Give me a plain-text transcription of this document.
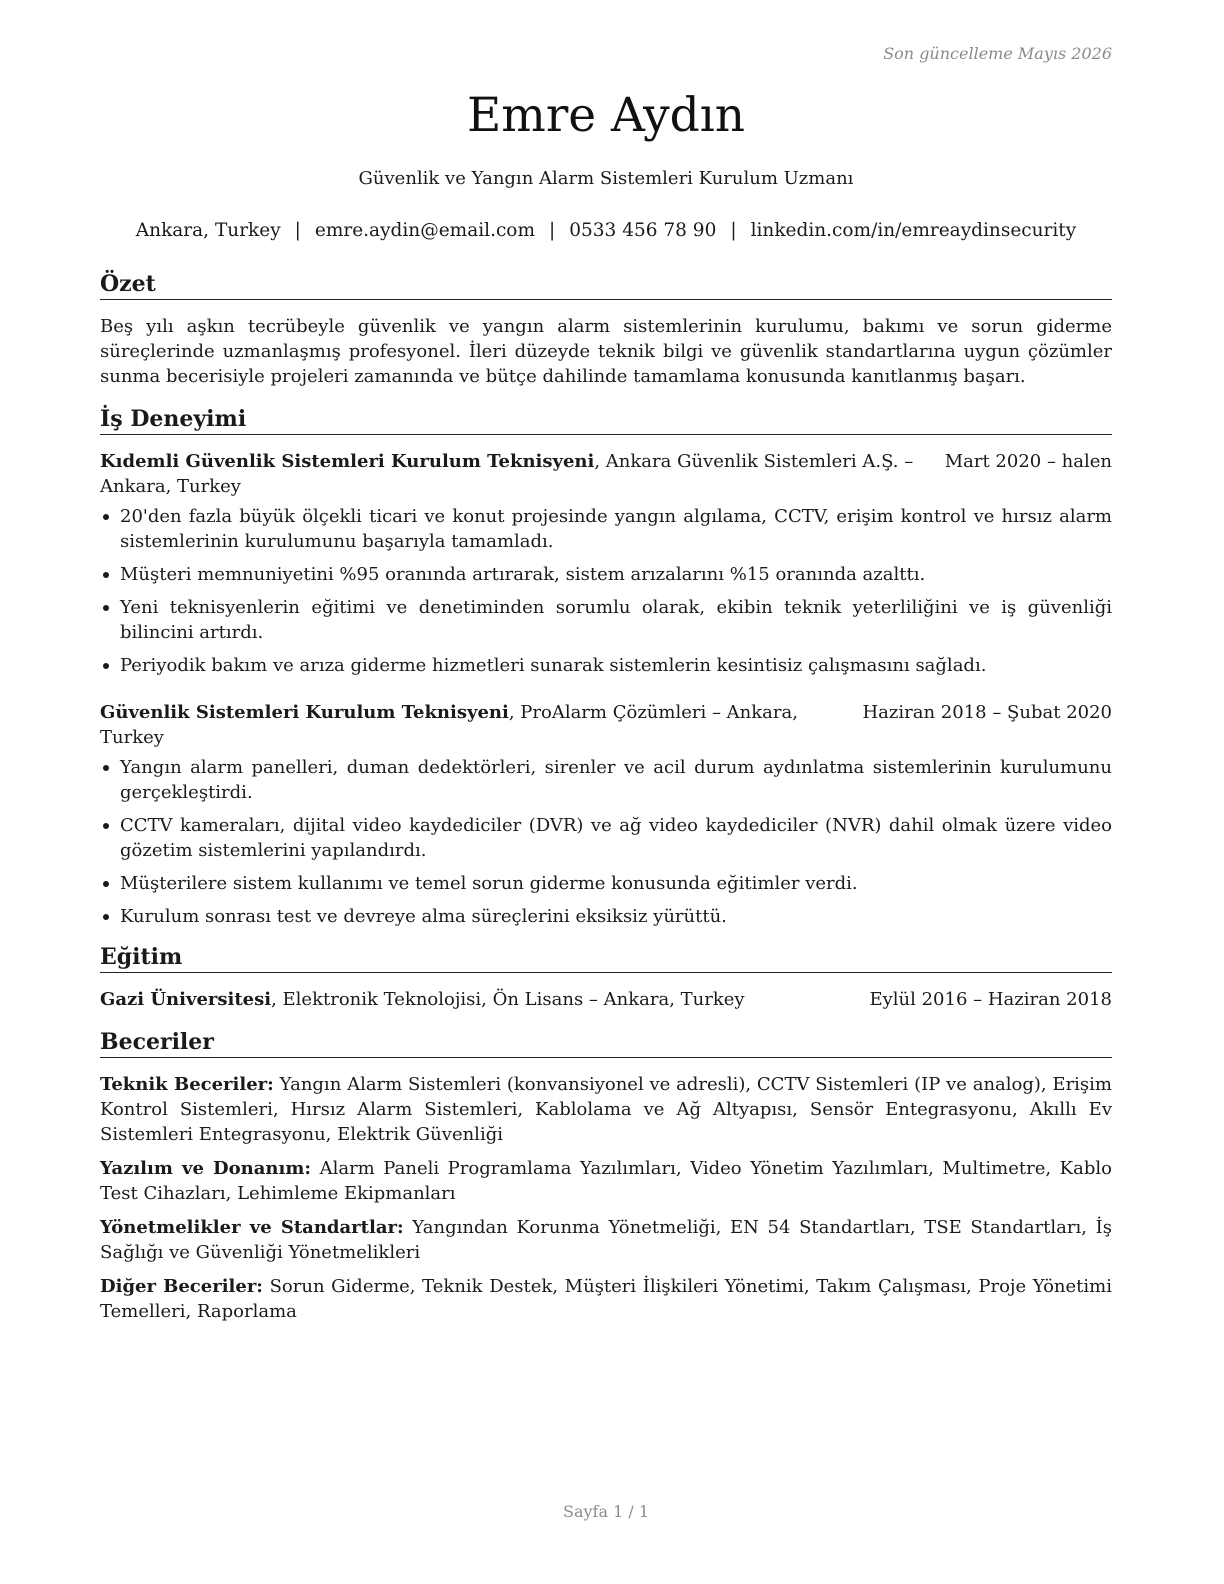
Son güncelleme Mayıs 2026
Emre Aydın
Güvenlik ve Yangın Alarm Sistemleri Kurulum Uzmanı
Ankara, Turkey | emre.aydin@email.com | 0533 456 78 90 | linkedin.com/in/emreaydinsecurity
Özet

Beş yılı aşkın tecrübeyle güvenlik ve yangın alarm sistemlerinin kurulumu, bakımı ve sorun giderme süreçlerinde uzmanlaşmış profesyonel. İleri düzeyde teknik bilgi ve güvenlik standartlarına uygun çözümler sunma becerisiyle projeleri zamanında ve bütçe dahilinde tamamlama konusunda kanıtlanmış başarı.

İş Deneyimi
Kıdemli Güvenlik Sistemleri Kurulum Teknisyeni, Ankara Güvenlik Sistemleri A.Ş. – Ankara, Turkey
Mart 2020 – halen
20'den fazla büyük ölçekli ticari ve konut projesinde yangın algılama, CCTV, erişim kontrol ve hırsız alarm sistemlerinin kurulumunu başarıyla tamamladı.
Müşteri memnuniyetini %95 oranında artırarak, sistem arızalarını %15 oranında azalttı.
Yeni teknisyenlerin eğitimi ve denetiminden sorumlu olarak, ekibin teknik yeterliliğini ve iş güvenliği bilincini artırdı.
Periyodik bakım ve arıza giderme hizmetleri sunarak sistemlerin kesintisiz çalışmasını sağladı.
Güvenlik Sistemleri Kurulum Teknisyeni, ProAlarm Çözümleri – Ankara, Turkey
Haziran 2018 – Şubat 2020
Yangın alarm panelleri, duman dedektörleri, sirenler ve acil durum aydınlatma sistemlerinin kurulumunu gerçekleştirdi.
CCTV kameraları, dijital video kaydediciler (DVR) ve ağ video kaydediciler (NVR) dahil olmak üzere video gözetim sistemlerini yapılandırdı.
Müşterilere sistem kullanımı ve temel sorun giderme konusunda eğitimler verdi.
Kurulum sonrası test ve devreye alma süreçlerini eksiksiz yürüttü.
Eğitim
Gazi Üniversitesi, Elektronik Teknolojisi, Ön Lisans – Ankara, Turkey	Eylül 2016 – Haziran 2018
Beceriler

Teknik Beceriler: Yangın Alarm Sistemleri (konvansiyonel ve adresli), CCTV Sistemleri (IP ve analog), Erişim Kontrol Sistemleri, Hırsız Alarm Sistemleri, Kablolama ve Ağ Altyapısı, Sensör Entegrasyonu, Akıllı Ev Sistemleri Entegrasyonu, Elektrik Güvenliği

Yazılım ve Donanım: Alarm Paneli Programlama Yazılımları, Video Yönetim Yazılımları, Multimetre, Kablo Test Cihazları, Lehimleme Ekipmanları

Yönetmelikler ve Standartlar: Yangından Korunma Yönetmeliği, EN 54 Standartları, TSE Standartları, İş Sağlığı ve Güvenliği Yönetmelikleri

Diğer Beceriler: Sorun Giderme, Teknik Destek, Müşteri İlişkileri Yönetimi, Takım Çalışması, Proje Yönetimi Temelleri, Raporlama

Sayfa 1 / 1
